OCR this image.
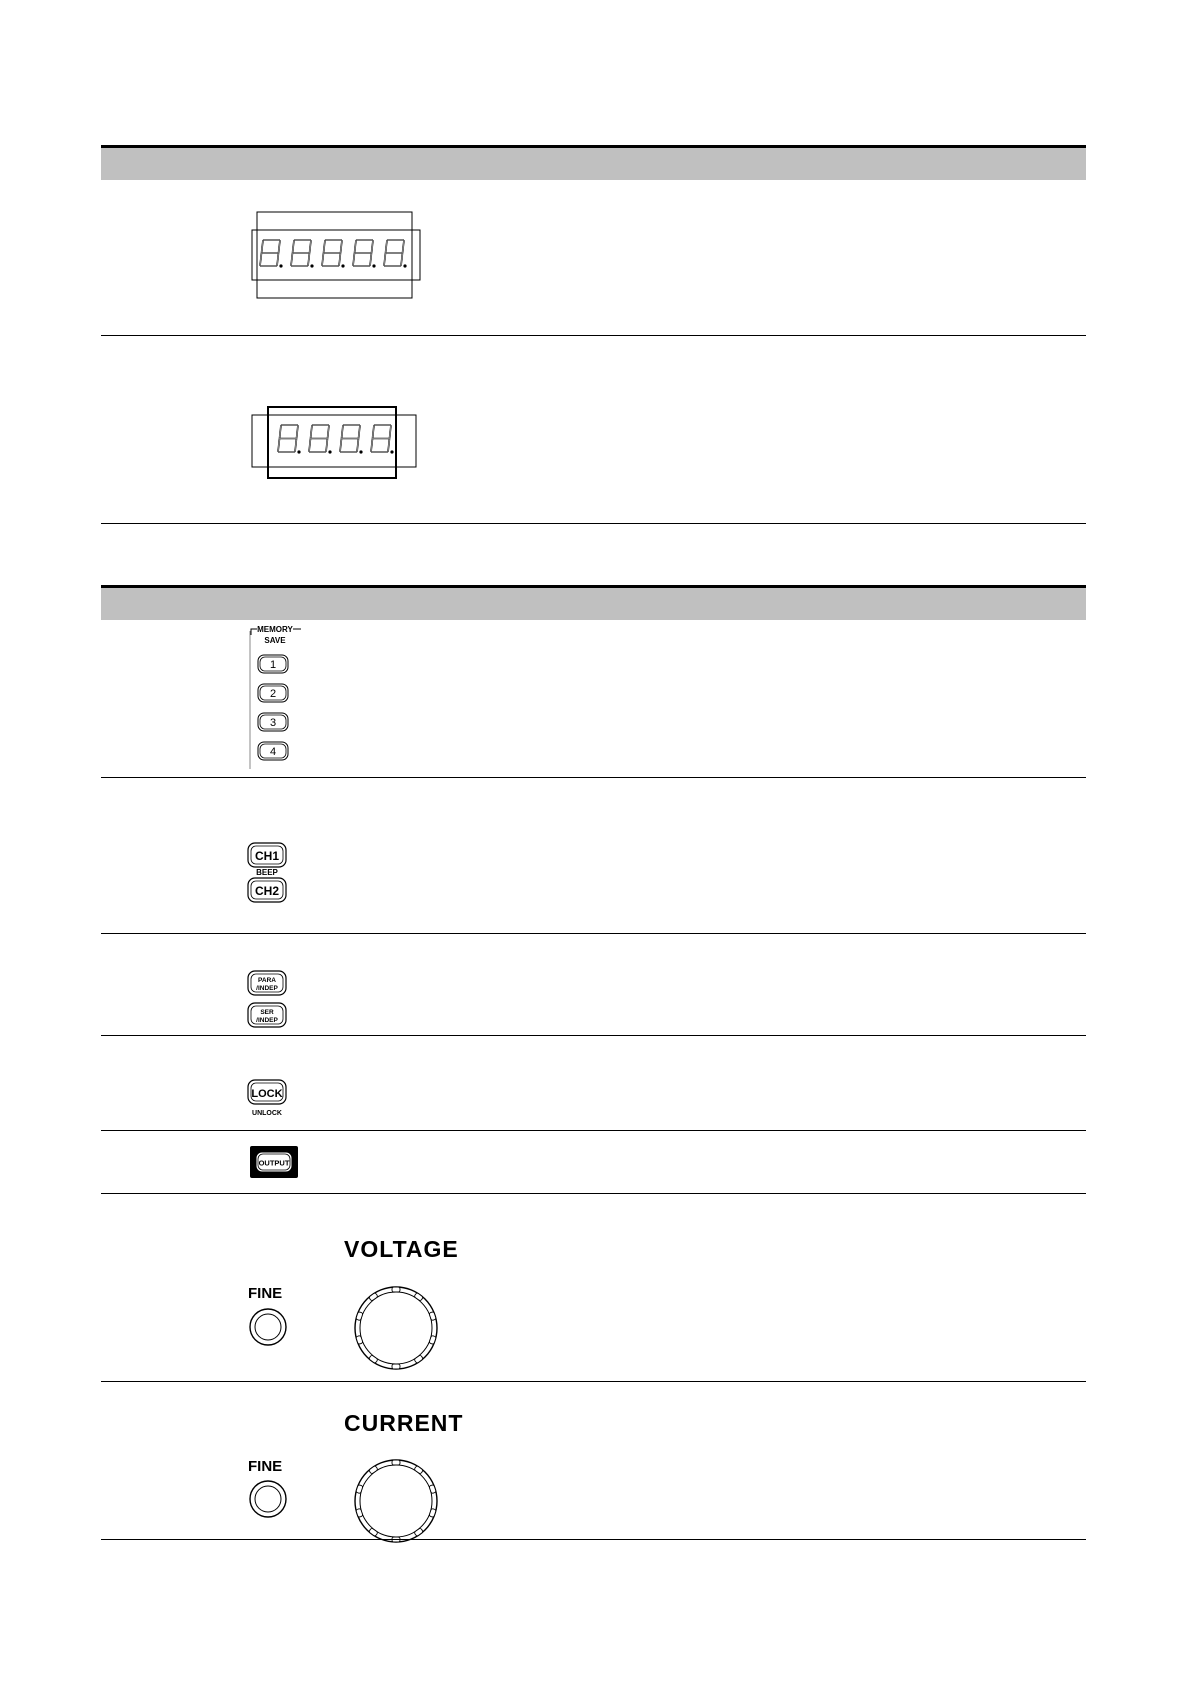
MEMORY
SAVE
1
2
3
4
CH1
BEEP
CH2
PARA
/INDEP
SER
/INDEP
LOCK
UNLOCK
OUTPUT
VOLTAGE
FINE
CURRENT
FINE
